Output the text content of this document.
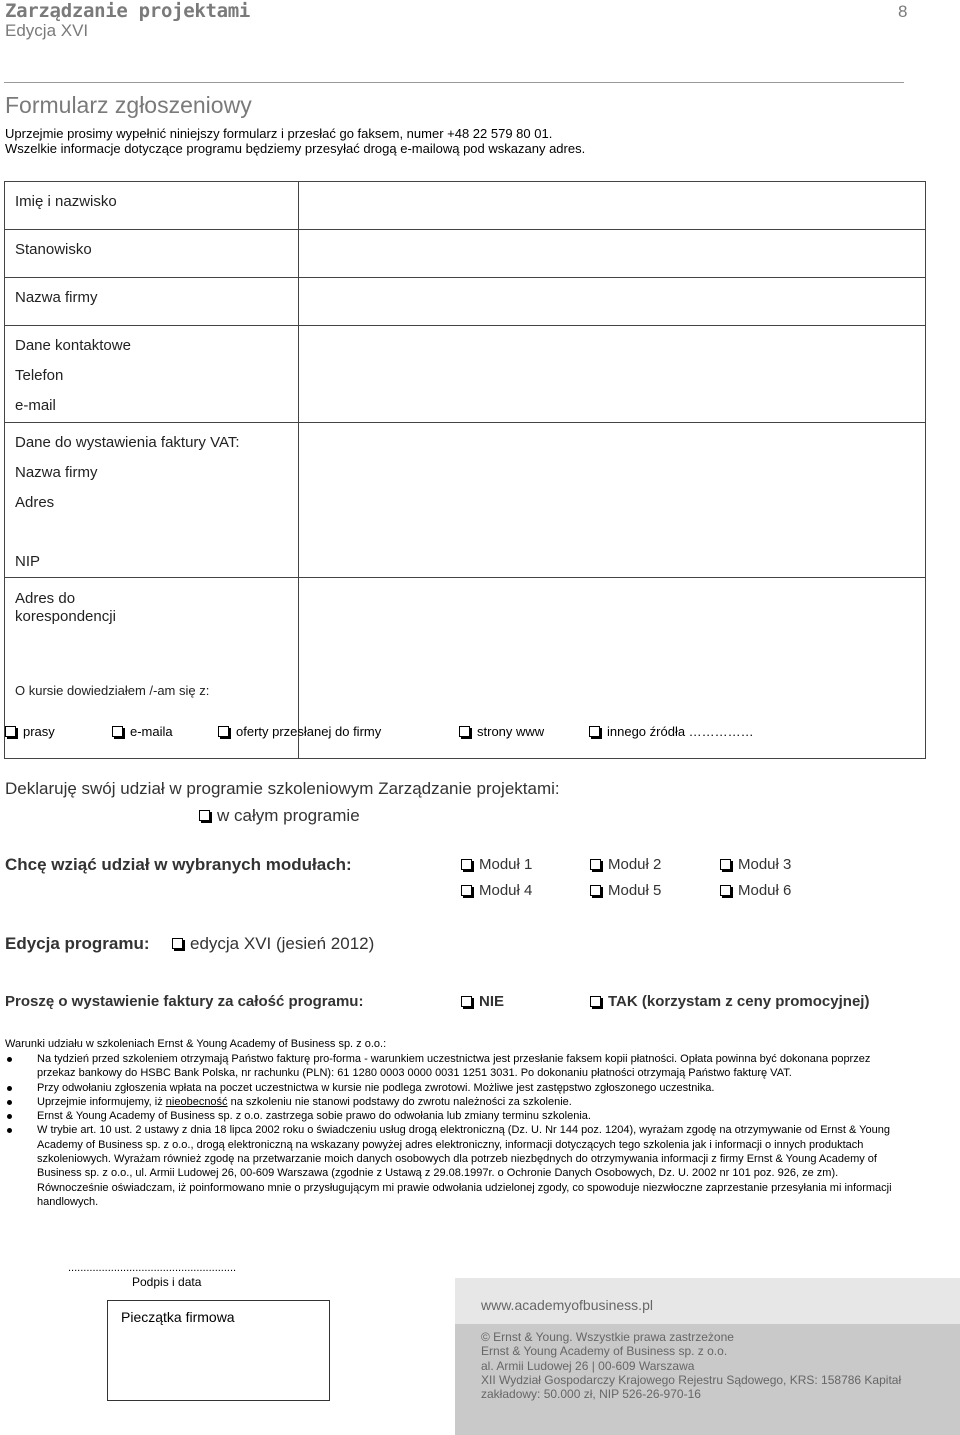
Zarządzanie projektami
Edycja XVI
8
Formularz zgłoszeniowy
Uprzejmie prosimy wypełnić niniejszy formularz i przesłać go faksem, numer +48 22 579 80 01.
Wszelkie informacje dotyczące programu będziemy przesyłać drogą e-mailową pod wskazany adres.
Imię i nazwisko	

Stanowisko	

Nazwa firmy	

Dane kontaktowe
Telefon
e-mail	

Dane do wystawienia faktury VAT:
Nazwa firmy
Adres
NIP	

Adres do
korespondencji
O kursie dowiedziałem /-am się z:	

prasy	e-maila	oferty przesłanej do firmy	strony www	innego źródła ……………
Deklaruję swój udział w programie szkoleniowym Zarządzanie projektami:
w całym programie
Chcę wziąć udział w wybranych modułach:	Moduł 1	Moduł 2	Moduł 3
Moduł 4	Moduł 5	Moduł 6
Edycja programu:	edycja XVI (jesień 2012)
Proszę o wystawienie faktury za całość programu:	NIE	TAK (korzystam z ceny promocyjnej)
Warunki udziału w szkoleniach Ernst & Young Academy of Business sp. z o.o.:
Na tydzień przed szkoleniem otrzymają Państwo fakturę pro-forma - warunkiem uczestnictwa jest przesłanie faksem kopii płatności. Opłata powinna być dokonana poprzez przekaz bankowy do HSBC Bank Polska, nr rachunku (PLN): 61 1280 0003 0000 0031 1251 3031. Po dokonaniu płatności otrzymają Państwo fakturę VAT.
Przy odwołaniu zgłoszenia wpłata na poczet uczestnictwa w kursie nie podlega zwrotowi. Możliwe jest zastępstwo zgłoszonego uczestnika.
Uprzejmie informujemy, iż nieobecność na szkoleniu nie stanowi podstawy do zwrotu należności za szkolenie.
Ernst & Young Academy of Business sp. z o.o. zastrzega sobie prawo do odwołania lub zmiany terminu szkolenia.
W trybie art. 10 ust. 2 ustawy z dnia 18 lipca 2002 roku o świadczeniu usług drogą elektroniczną (Dz. U. Nr 144 poz. 1204), wyrażam zgodę na otrzymywanie od Ernst & Young Academy of Business sp. z o.o., drogą elektroniczną na wskazany powyżej adres elektroniczny, informacji dotyczących tego szkolenia jak i informacji o innych produktach szkoleniowych. Wyrażam również zgodę na przetwarzanie moich danych osobowych dla potrzeb niezbędnych do otrzymywania informacji z firmy Ernst & Young Academy of Business sp. z o.o., ul. Armii Ludowej 26, 00-609 Warszawa (zgodnie z Ustawą z 29.08.1997r. o Ochronie Danych Osobowych, Dz. U. 2002 nr 101 poz. 926, ze zm). Równocześnie oświadczam, iż poinformowano mnie o przysługującym mi prawie odwołania udzielonej zgody, co spowoduje niezwłoczne zaprzestanie przesyłania mi informacji handlowych.
.......................................................
Podpis i data
Pieczątka firmowa
www.academyofbusiness.pl
© Ernst & Young. Wszystkie prawa zastrzeżone
Ernst & Young Academy of Business sp. z o.o.
al. Armii Ludowej 26 | 00-609 Warszawa
XII Wydział Gospodarczy Krajowego Rejestru Sądowego, KRS: 158786 Kapitał
zakładowy: 50.000 zł, NIP 526-26-970-16
